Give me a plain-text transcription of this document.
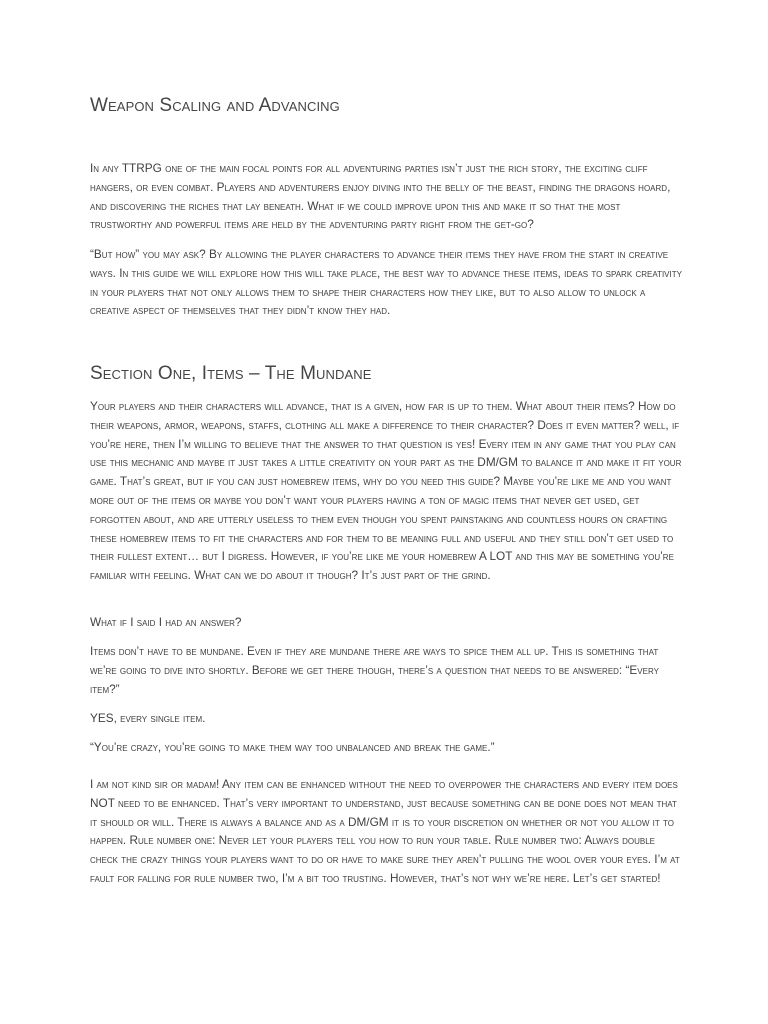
Weapon Scaling and Advancing

In any TTRPG one of the main focal points for all adventuring parties isn’t just the rich story, the exciting cliff hangers, or even combat. Players and adventurers enjoy diving into the belly of the beast, finding the dragons hoard, and discovering the riches that lay beneath. What if we could improve upon this and make it so that the most trustworthy and powerful items are held by the adventuring party right from the get-go?

“But how” you may ask? By allowing the player characters to advance their items they have from the start in creative ways. In this guide we will explore how this will take place, the best way to advance these items, ideas to spark creativity in your players that not only allows them to shape their characters how they like, but to also allow to unlock a creative aspect of themselves that they didn’t know they had.

Section One, Items – The Mundane

Your players and their characters will advance, that is a given, how far is up to them. What about their items? How do their weapons, armor, weapons, staffs, clothing all make a difference to their character? Does it even matter? well, if you’re here, then I’m willing to believe that the answer to that question is yes! Every item in any game that you play can use this mechanic and maybe it just takes a little creativity on your part as the DM/GM to balance it and make it fit your game. That’s great, but if you can just homebrew items, why do you need this guide? Maybe you’re like me and you want more out of the items or maybe you don’t want your players having a ton of magic items that never get used, get forgotten about, and are utterly useless to them even though you spent painstaking and countless hours on crafting these homebrew items to fit the characters and for them to be meaning full and useful and they still don’t get used to their fullest extent… but I digress. However, if you’re like me your homebrew A LOT and this may be something you’re familiar with feeling. What can we do about it though? It’s just part of the grind.

What if I said I had an answer?

Items don’t have to be mundane. Even if they are mundane there are ways to spice them all up. This is something that we’re going to dive into shortly. Before we get there though, there’s a question that needs to be answered: “Every item?”

YES, every single item.

“You’re crazy, you’re going to make them way too unbalanced and break the game.”

I am not kind sir or madam! Any item can be enhanced without the need to overpower the characters and every item does NOT need to be enhanced. That’s very important to understand, just because something can be done does not mean that it should or will. There is always a balance and as a DM/GM it is to your discretion on whether or not you allow it to happen. Rule number one: Never let your players tell you how to run your table. Rule number two: Always double check the crazy things your players want to do or have to make sure they aren’t pulling the wool over your eyes. I’m at fault for falling for rule number two, I’m a bit too trusting. However, that’s not why we’re here. Let’s get started!
